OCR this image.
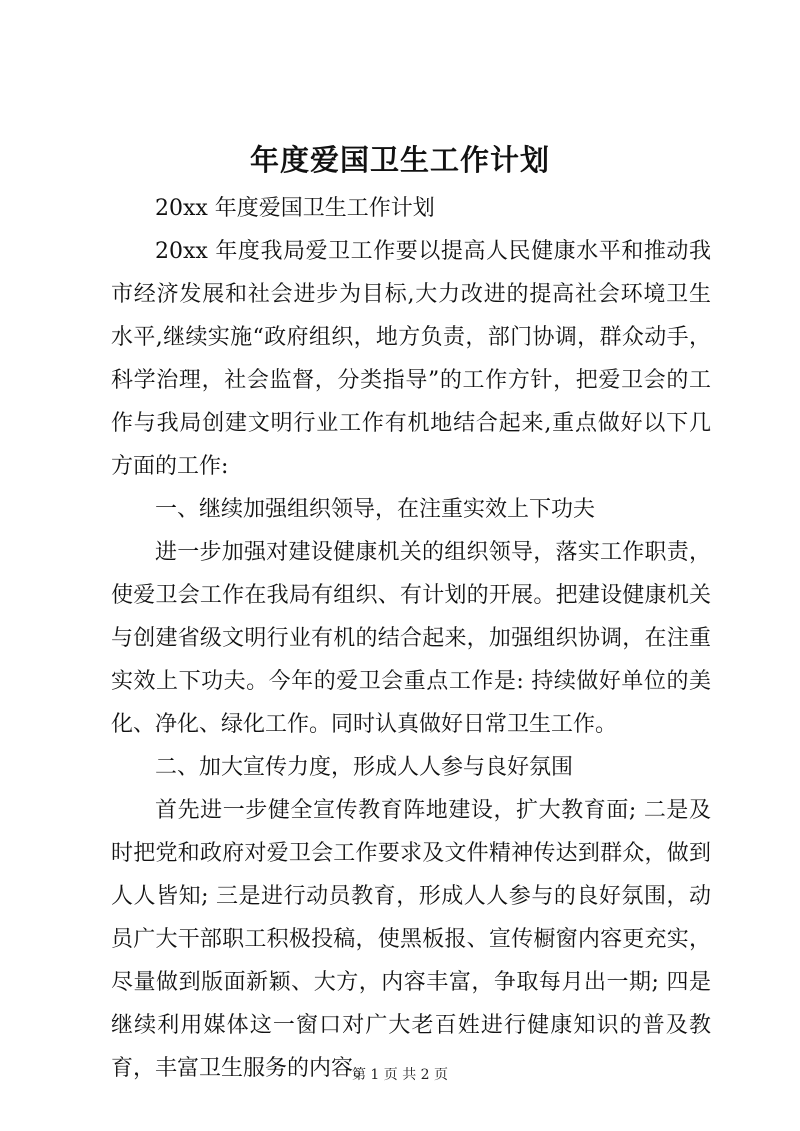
年度爱国卫生工作计划

20xx 年度爱国卫生工作计划

20xx 年度我局爱卫工作要以提高人民健康水平和推动我市经济发展和社会进步为目标,大力改进的提高社会环境卫生水平,继续实施“政府组织，地方负责，部门协调，群众动手，科学治理，社会监督，分类指导”的工作方针，把爱卫会的工作与我局创建文明行业工作有机地结合起来,重点做好以下几方面的工作:

一、继续加强组织领导，在注重实效上下功夫

进一步加强对建设健康机关的组织领导，落实工作职责，使爱卫会工作在我局有组织、有计划的开展。把建设健康机关与创建省级文明行业有机的结合起来，加强组织协调，在注重实效上下功夫。今年的爱卫会重点工作是: 持续做好单位的美化、净化、绿化工作。同时认真做好日常卫生工作。

二、加大宣传力度，形成人人参与良好氛围

首先进一步健全宣传教育阵地建设，扩大教育面; 二是及时把党和政府对爱卫会工作要求及文件精神传达到群众，做到人人皆知; 三是进行动员教育，形成人人参与的良好氛围，动员广大干部职工积极投稿，使黑板报、宣传橱窗内容更充实，尽量做到版面新颖、大方，内容丰富，争取每月出一期; 四是继续利用媒体这一窗口对广大老百姓进行健康知识的普及教育，丰富卫生服务的内容。

第 1 页 共 2 页
